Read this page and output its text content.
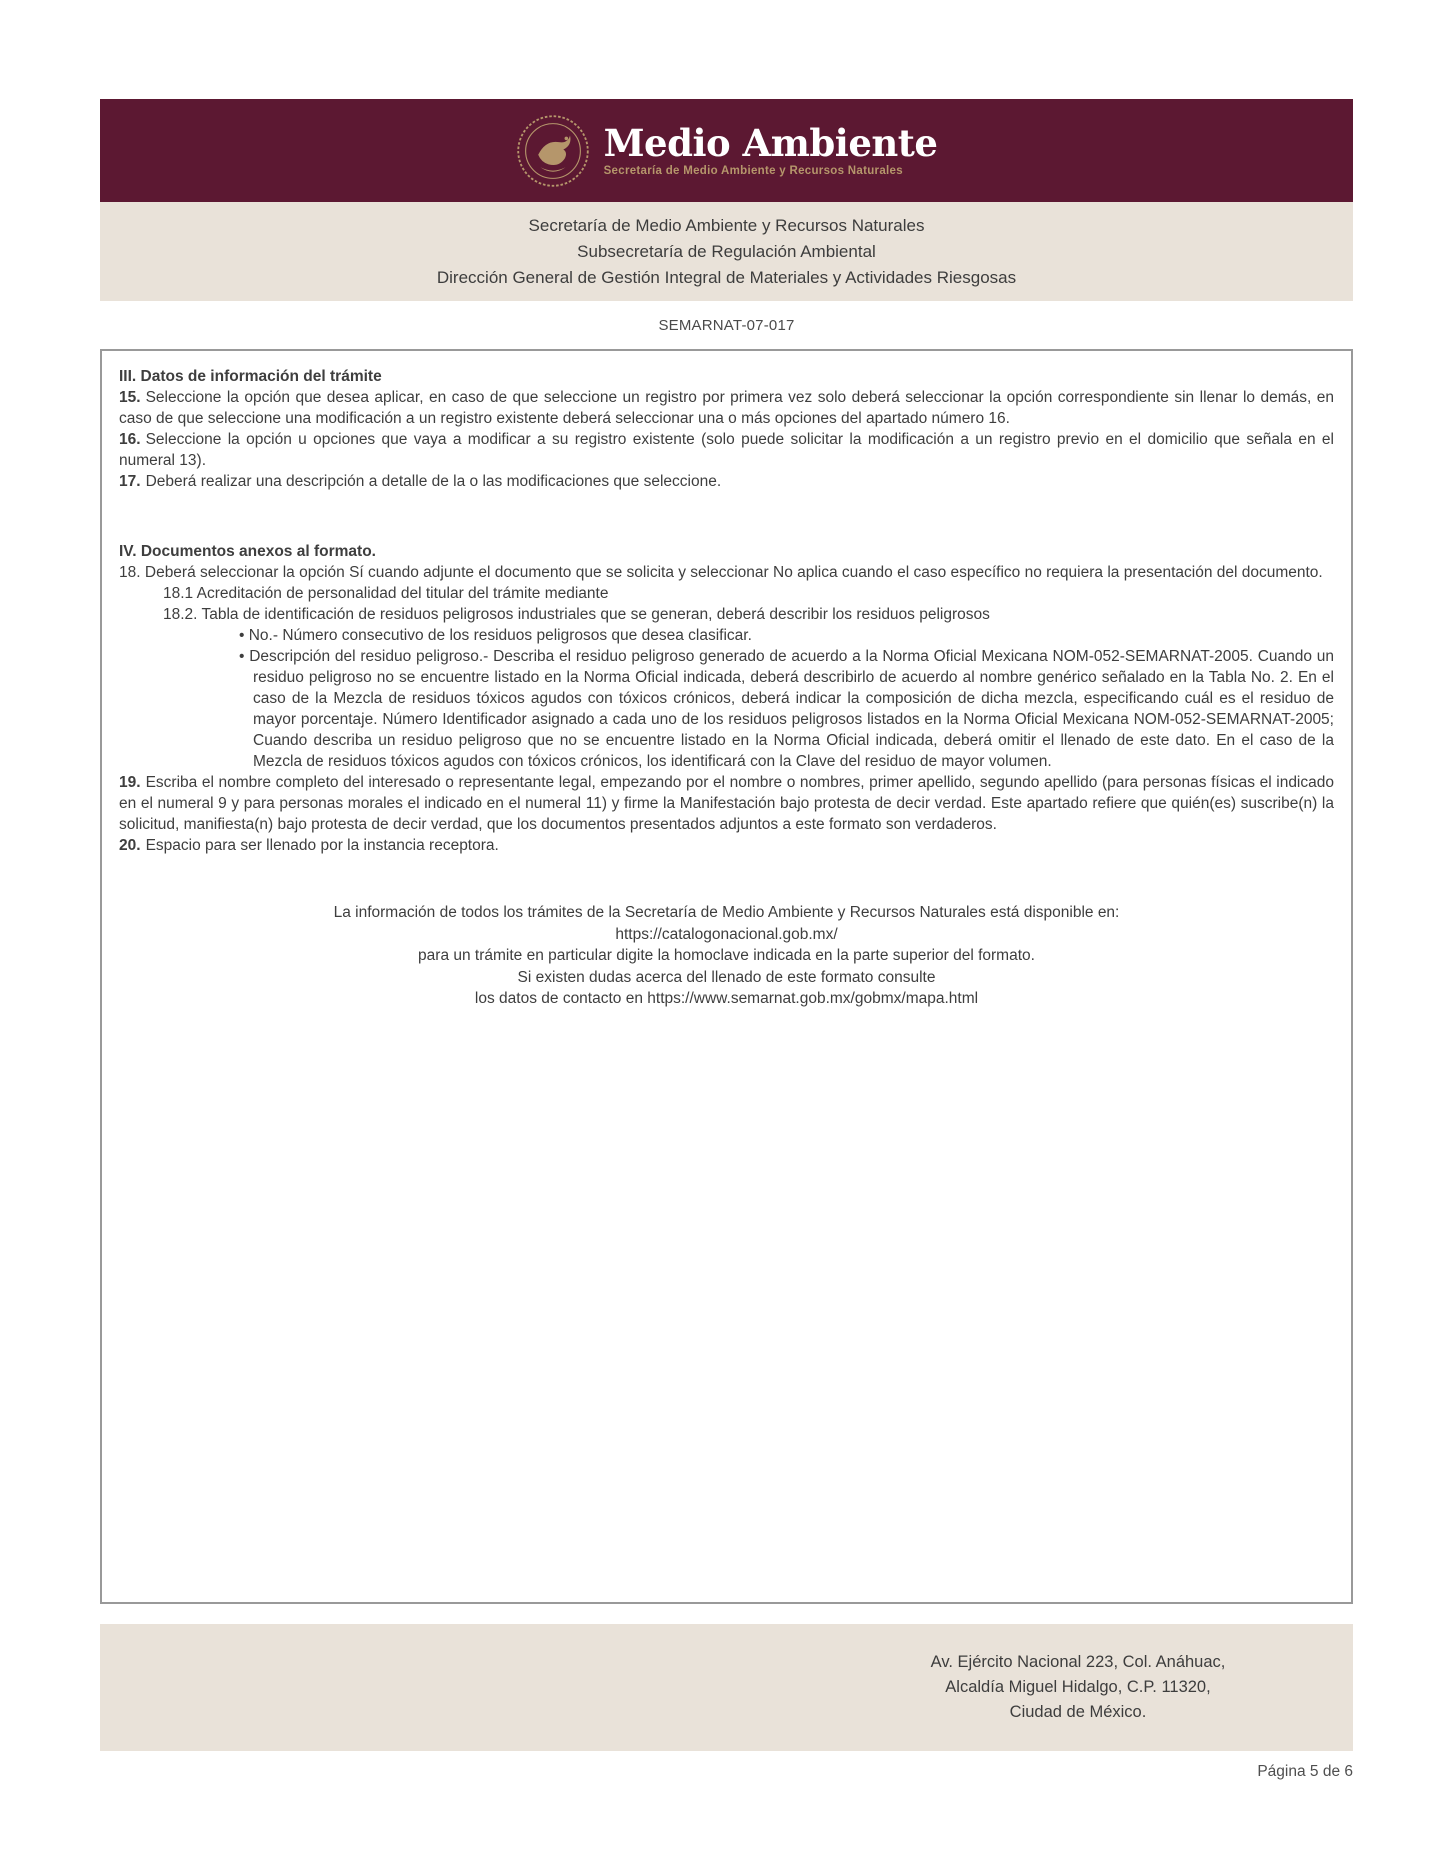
Medio Ambiente
Secretaría de Medio Ambiente y Recursos Naturales
Secretaría de Medio Ambiente y Recursos Naturales
Subsecretaría de Regulación Ambiental
Dirección General de Gestión Integral de Materiales y Actividades Riesgosas
SEMARNAT-07-017
III. Datos de información del trámite

15. Seleccione la opción que desea aplicar, en caso de que seleccione un registro por primera vez solo deberá seleccionar la opción correspondiente sin llenar lo demás, en caso de que seleccione una modificación a un registro existente deberá seleccionar una o más opciones del apartado número 16.

16. Seleccione la opción u opciones que vaya a modificar a su registro existente (solo puede solicitar la modificación a un registro previo en el domicilio que señala en el numeral 13).

17. Deberá realizar una descripción a detalle de la o las modificaciones que seleccione.

IV. Documentos anexos al formato.

18. Deberá seleccionar la opción Sí cuando adjunte el documento que se solicita y seleccionar No aplica cuando el caso específico no requiera la presentación del documento.

18.1 Acreditación de personalidad del titular del trámite mediante

18.2. Tabla de identificación de residuos peligrosos industriales que se generan, deberá describir los residuos peligrosos

• No.- Número consecutivo de los residuos peligrosos que desea clasificar.
• Descripción del residuo peligroso.- Describa el residuo peligroso generado de acuerdo a la Norma Oficial Mexicana NOM-052-SEMARNAT-2005. Cuando un residuo peligroso no se encuentre listado en la Norma Oficial indicada, deberá describirlo de acuerdo al nombre genérico señalado en la Tabla No. 2. En el caso de la Mezcla de residuos tóxicos agudos con tóxicos crónicos, deberá indicar la composición de dicha mezcla, especificando cuál es el residuo de mayor porcentaje. Número Identificador asignado a cada uno de los residuos peligrosos listados en la Norma Oficial Mexicana NOM-052-SEMARNAT-2005; Cuando describa un residuo peligroso que no se encuentre listado en la Norma Oficial indicada, deberá omitir el llenado de este dato. En el caso de la Mezcla de residuos tóxicos agudos con tóxicos crónicos, los identificará con la Clave del residuo de mayor volumen.

19. Escriba el nombre completo del interesado o representante legal, empezando por el nombre o nombres, primer apellido, segundo apellido (para personas físicas el indicado en el numeral 9 y para personas morales el indicado en el numeral 11) y firme la Manifestación bajo protesta de decir verdad. Este apartado refiere que quién(es) suscribe(n) la solicitud, manifiesta(n) bajo protesta de decir verdad, que los documentos presentados adjuntos a este formato son verdaderos.

20. Espacio para ser llenado por la instancia receptora.

La información de todos los trámites de la Secretaría de Medio Ambiente y Recursos Naturales está disponible en:
https://catalogonacional.gob.mx/
para un trámite en particular digite la homoclave indicada en la parte superior del formato.
Si existen dudas acerca del llenado de este formato consulte
los datos de contacto en https://www.semarnat.gob.mx/gobmx/mapa.html
Av. Ejército Nacional 223, Col. Anáhuac,
Alcaldía Miguel Hidalgo, C.P. 11320,
Ciudad de México.
Página 5 de 6
